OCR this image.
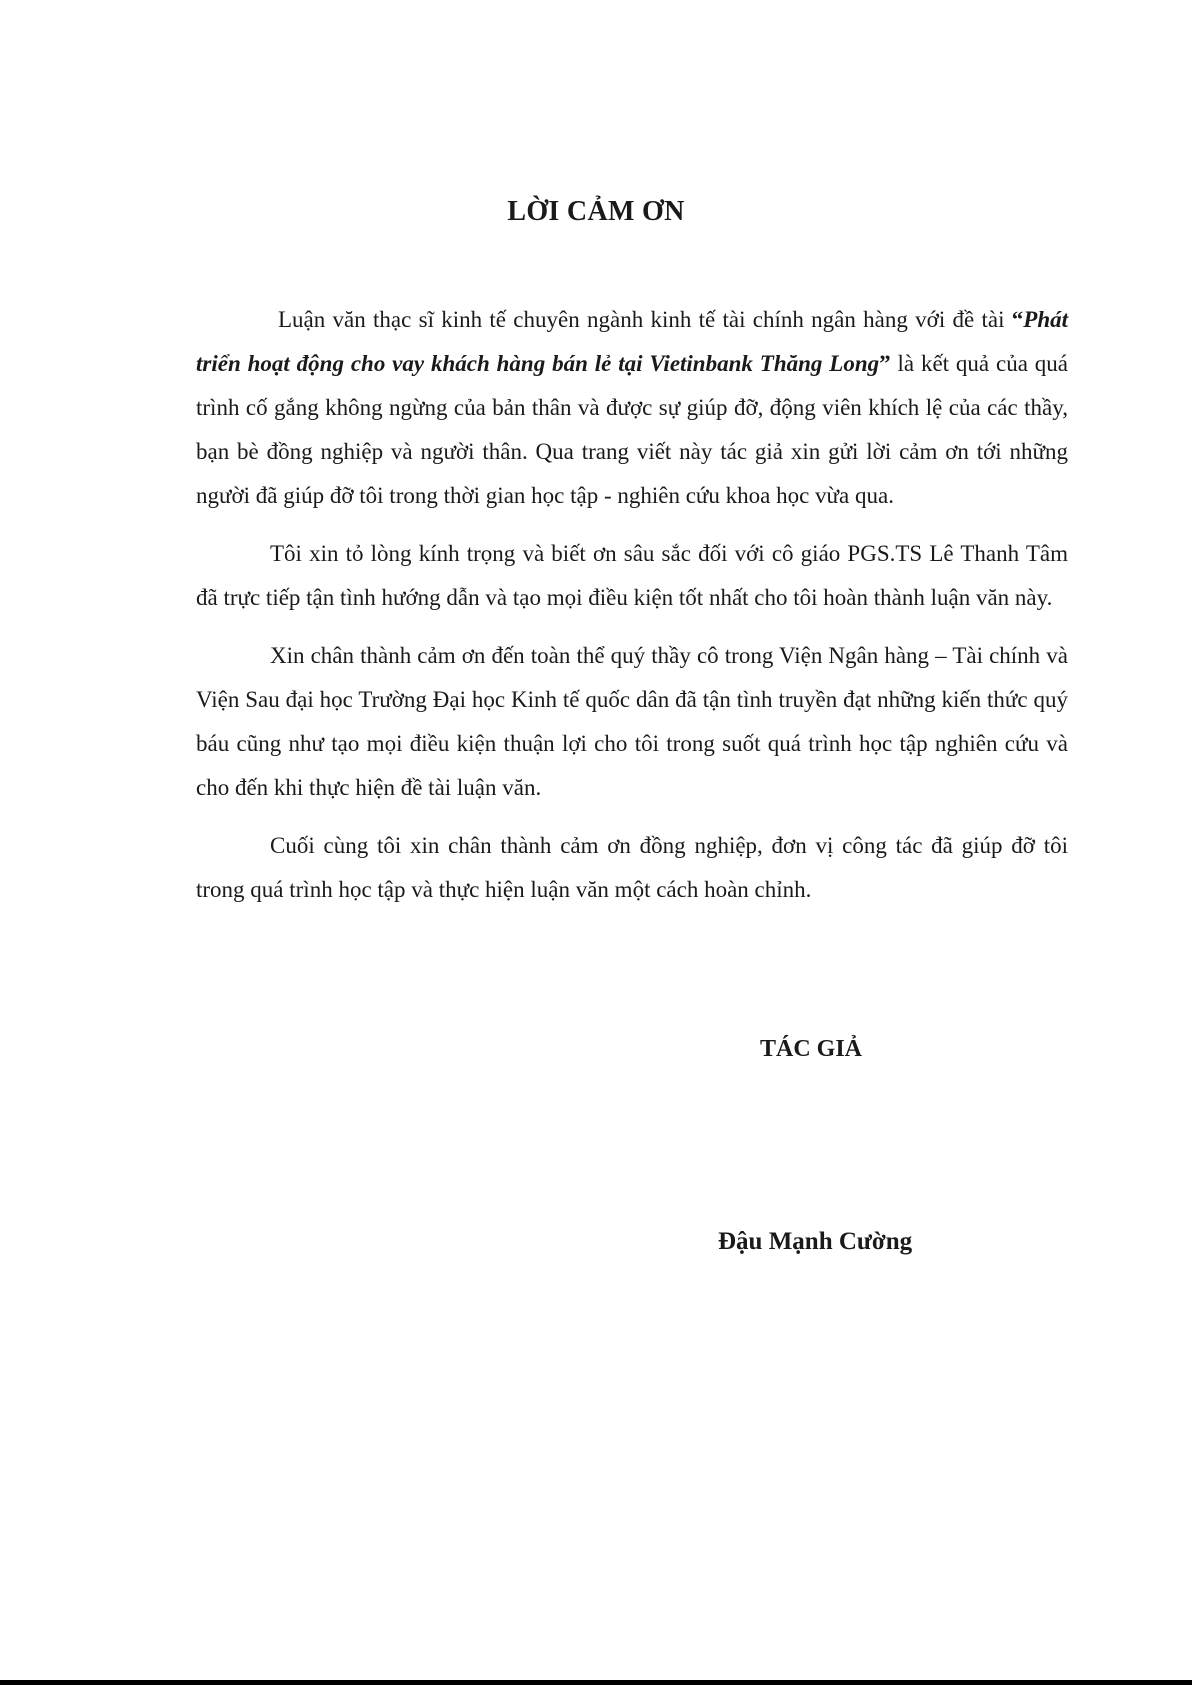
LỜI CẢM ƠN

Luận văn thạc sĩ kinh tế chuyên ngành kinh tế tài chính ngân hàng với đề tài “Phát triển hoạt động cho vay khách hàng bán lẻ tại Vietinbank Thăng Long” là kết quả của quá trình cố gắng không ngừng của bản thân và được sự giúp đỡ, động viên khích lệ của các thầy, bạn bè đồng nghiệp và người thân. Qua trang viết này tác giả xin gửi lời cảm ơn tới những người đã giúp đỡ tôi trong thời gian học tập - nghiên cứu khoa học vừa qua.

Tôi xin tỏ lòng kính trọng và biết ơn sâu sắc đối với cô giáo PGS.TS Lê Thanh Tâm đã trực tiếp tận tình hướng dẫn và tạo mọi điều kiện tốt nhất cho tôi hoàn thành luận văn này.

Xin chân thành cảm ơn đến toàn thể quý thầy cô trong Viện Ngân hàng – Tài chính và Viện Sau đại học Trường Đại học Kinh tế quốc dân đã tận tình truyền đạt những kiến thức quý báu cũng như tạo mọi điều kiện thuận lợi cho tôi trong suốt quá trình học tập nghiên cứu và cho đến khi thực hiện đề tài luận văn.

Cuối cùng tôi xin chân thành cảm ơn đồng nghiệp, đơn vị công tác đã giúp đỡ tôi trong quá trình học tập và thực hiện luận văn một cách hoàn chỉnh.

TÁC GIẢ

Đậu Mạnh Cường
